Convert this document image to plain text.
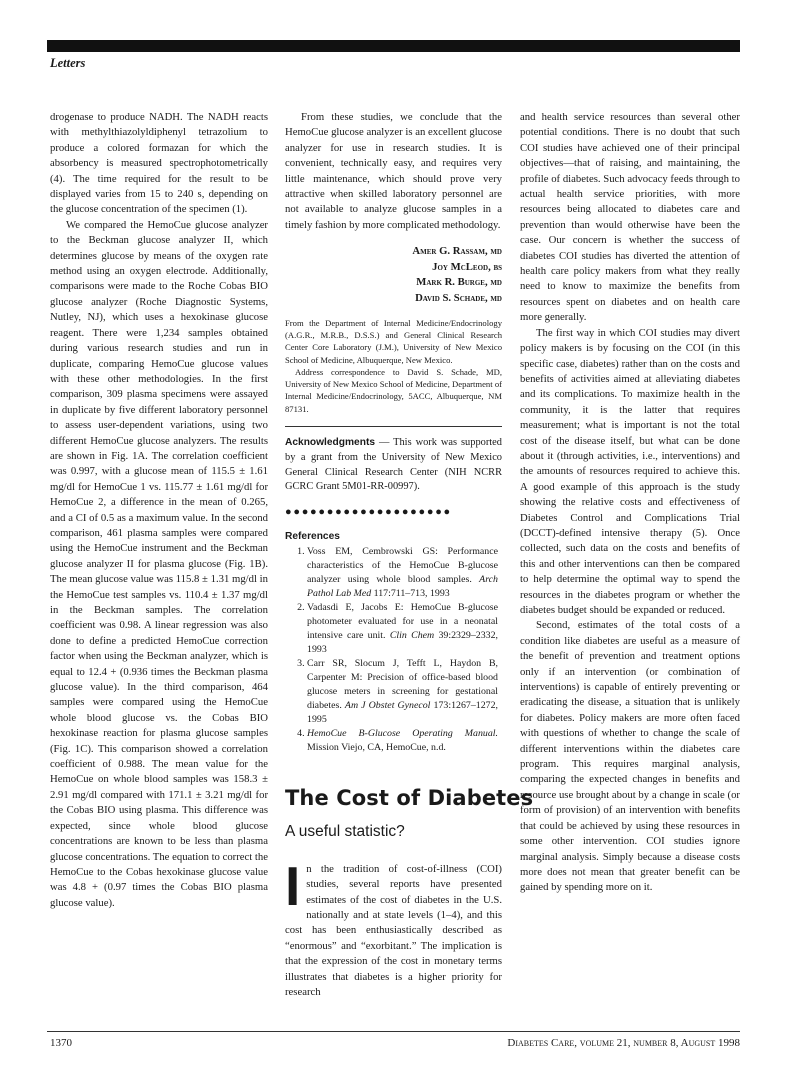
Letters

drogenase to produce NADH. The NADH reacts with methylthiazolyldiphenyl tetrazolium to produce a colored formazan for which the absorbency is measured spectrophotometrically (4). The time required for the result to be displayed varies from 15 to 240 s, depending on the glucose concentration of the specimen (1).

We compared the HemoCue glucose analyzer to the Beckman glucose analyzer II, which determines glucose by means of the oxygen rate method using an oxygen electrode. Additionally, comparisons were made to the Roche Cobas BIO glucose analyzer (Roche Diagnostic Systems, Nutley, NJ), which uses a hexokinase glucose reagent. There were 1,234 samples obtained during various research studies and run in duplicate, comparing HemoCue glucose values with these other methodologies. In the first comparison, 309 plasma specimens were assayed in duplicate by five different laboratory personnel to assess user-dependent variations, using two different HemoCue glucose analyzers. The results are shown in Fig. 1A. The correlation coefficient was 0.997, with a glucose mean of 115.5 ± 1.61 mg/dl for HemoCue 1 vs. 115.77 ± 1.61 mg/dl for HemoCue 2, a difference in the mean of 0.265, and a CI of 0.5 as a maximum value. In the second comparison, 461 plasma samples were compared using the HemoCue instrument and the Beckman glucose analyzer II for plasma glucose (Fig. 1B). The mean glucose value was 115.8 ± 1.31 mg/dl in the HemoCue test samples vs. 110.4 ± 1.37 mg/dl in the Beckman samples. The correlation coefficient was 0.98. A linear regression was also done to define a predicted HemoCue correction factor when using the Beckman analyzer, which is equal to 12.4 + (0.936 times the Beckman plasma glucose value). In the third comparison, 464 samples were compared using the HemoCue whole blood glucose vs. the Cobas BIO hexokinase reaction for plasma glucose samples (Fig. 1C). This comparison showed a correlation coefficient of 0.988. The mean value for the HemoCue on whole blood samples was 158.3 ± 2.91 mg/dl compared with 171.1 ± 3.21 mg/dl for the Cobas BIO using plasma. This difference was expected, since whole blood glucose concentrations are known to be less than plasma glucose concentrations. The equation to correct the HemoCue to the Cobas hexokinase glucose value was 4.8 + (0.97 times the Cobas BIO plasma glucose value).

From these studies, we conclude that the HemoCue glucose analyzer is an excellent glucose analyzer for use in research studies. It is convenient, technically easy, and requires very little maintenance, which should prove very attractive when skilled laboratory personnel are not available to analyze glucose samples in a timely fashion by more complicated methodology.

Amer G. Rassam, md
Joy McLeod, bs
Mark R. Burge, md
David S. Schade, md

From the Department of Internal Medicine/Endocrinology (A.G.R., M.R.B., D.S.S.) and General Clinical Research Center Core Laboratory (J.M.), University of New Mexico School of Medicine, Albuquerque, New Mexico.

Address correspondence to David S. Schade, MD, University of New Mexico School of Medicine, Department of Internal Medicine/Endocrinology, 5ACC, Albuquerque, NM 87131.

Acknowledgments — This work was supported by a grant from the University of New Mexico General Clinical Research Center (NIH NCRR GCRC Grant 5M01-RR-00997).
●●●●●●●●●●●●●●●●●●●●
References
1. Voss EM, Cembrowski GS: Performance characteristics of the HemoCue B-glucose analyzer using whole blood samples. Arch Pathol Lab Med 117:711–713, 1993
2. Vadasdi E, Jacobs E: HemoCue B-glucose photometer evaluated for use in a neonatal intensive care unit. Clin Chem 39:2329–2332, 1993
3. Carr SR, Slocum J, Tefft L, Haydon B, Carpenter M: Precision of office-based blood glucose meters in screening for gestational diabetes. Am J Obstet Gynecol 173:1267–1272, 1995
4. HemoCue B-Glucose Operating Manual. Mission Viejo, CA, HemoCue, n.d.
The Cost of Diabetes
A useful statistic?

In the tradition of cost-of-illness (COI) studies, several reports have presented estimates of the cost of diabetes in the U.S. nationally and at state levels (1–4), and this cost has been enthusiastically described as “enormous” and “exorbitant.” The implication is that the expression of the cost in monetary terms illustrates that diabetes is a higher priority for research

and health service resources than several other potential conditions. There is no doubt that such COI studies have achieved one of their principal objectives—that of raising, and maintaining, the profile of diabetes. Such advocacy feeds through to actual health service priorities, with more resources being allocated to diabetes care and prevention than would otherwise have been the case. Our concern is whether the success of diabetes COI studies has diverted the attention of health care policy makers from what they really need to know to maximize the benefits from resources spent on diabetes and on health care more generally.

The first way in which COI studies may divert policy makers is by focusing on the COI (in this specific case, diabetes) rather than on the costs and benefits of activities aimed at alleviating diabetes and its complications. To maximize health in the community, it is the latter that requires measurement; what is important is not the total cost of the disease itself, but what can be done about it (through activities, i.e., interventions) and the amounts of resources required to achieve this. A good example of this approach is the study showing the relative costs and effectiveness of Diabetes Control and Complications Trial (DCCT)-defined intensive therapy (5). Once collected, such data on the costs and benefits of this and other interventions can then be compared to help determine the optimal way to spend the resources in the diabetes program or whether the diabetes budget should be expanded or reduced.

Second, estimates of the total costs of a condition like diabetes are useful as a measure of the benefit of prevention and treatment options only if an intervention (or combination of interventions) is capable of entirely preventing or eradicating the disease, a situation that is unlikely for diabetes. Policy makers are more often faced with questions of whether to change the scale of different interventions within the diabetes care program. This requires marginal analysis, comparing the expected changes in benefits and resource use brought about by a change in scale (or form of provision) of an intervention with benefits that could be achieved by using these resources in some other intervention. COI studies ignore marginal analysis. Simply because a disease costs more does not mean that greater benefit can be gained by spending more on it.

1370	Diabetes Care, volume 21, number 8, August 1998
